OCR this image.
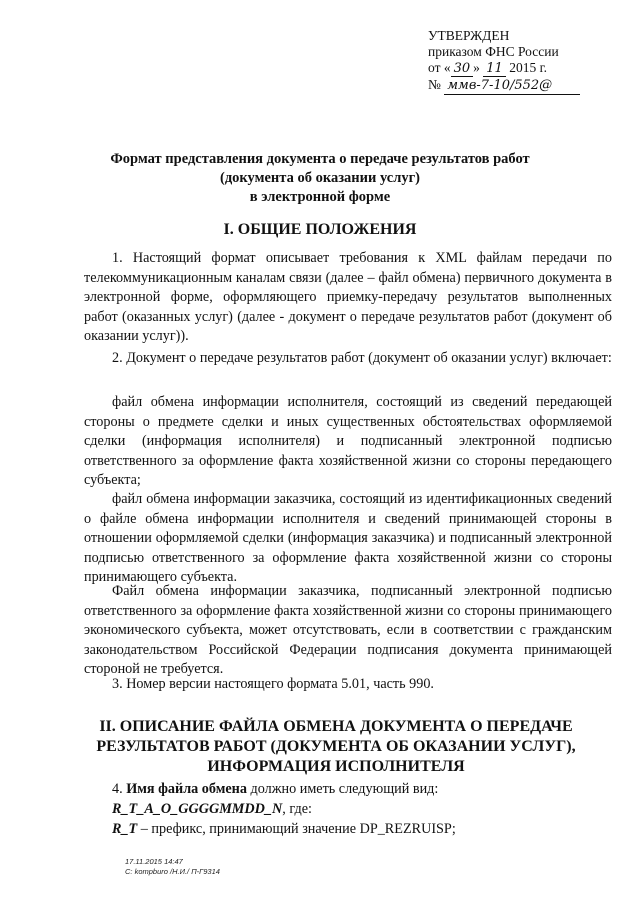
УТВЕРЖДЕН
приказом ФНС России
от « 30 » 11 2015 г.
№ ммв-7-10/552@
Формат представления документа о передаче результатов работ
(документа об оказании услуг)
в электронной форме
I. ОБЩИЕ ПОЛОЖЕНИЯ

1. Настоящий формат описывает требования к XML файлам передачи по телекоммуникационным каналам связи (далее – файл обмена) первичного документа в электронной форме, оформляющего приемку-передачу результатов выполненных работ (оказанных услуг) (далее - документ о передаче результатов работ (документ об оказании услуг)).

2. Документ о передаче результатов работ (документ об оказании услуг) включает:

файл обмена информации исполнителя, состоящий из сведений передающей стороны о предмете сделки и иных существенных обстоятельствах оформляемой сделки (информация исполнителя) и подписанный электронной подписью ответственного за оформление факта хозяйственной жизни со стороны передающего субъекта;

файл обмена информации заказчика, состоящий из идентификационных сведений о файле обмена информации исполнителя и сведений принимающей стороны в отношении оформляемой сделки (информация заказчика) и подписанный электронной подписью ответственного за оформление факта хозяйственной жизни со стороны принимающего субъекта.

Файл обмена информации заказчика, подписанный электронной подписью ответственного за оформление факта хозяйственной жизни со стороны принимающего экономического субъекта, может отсутствовать, если в соответствии с гражданским законодательством Российской Федерации подписания документа принимающей стороной не требуется.

3. Номер версии настоящего формата 5.01, часть 990.

II. ОПИСАНИЕ ФАЙЛА ОБМЕНА ДОКУМЕНТА О ПЕРЕДАЧЕ
РЕЗУЛЬТАТОВ РАБОТ (ДОКУМЕНТА ОБ ОКАЗАНИИ УСЛУГ),
ИНФОРМАЦИЯ ИСПОЛНИТЕЛЯ
4. Имя файла обмена должно иметь следующий вид:
R_T_A_O_GGGGMMDD_N, где:
R_T – префикс, принимающий значение DP_REZRUISP;
17.11.2015 14:47
C: kompburo /Н.И./ П-Г9314
